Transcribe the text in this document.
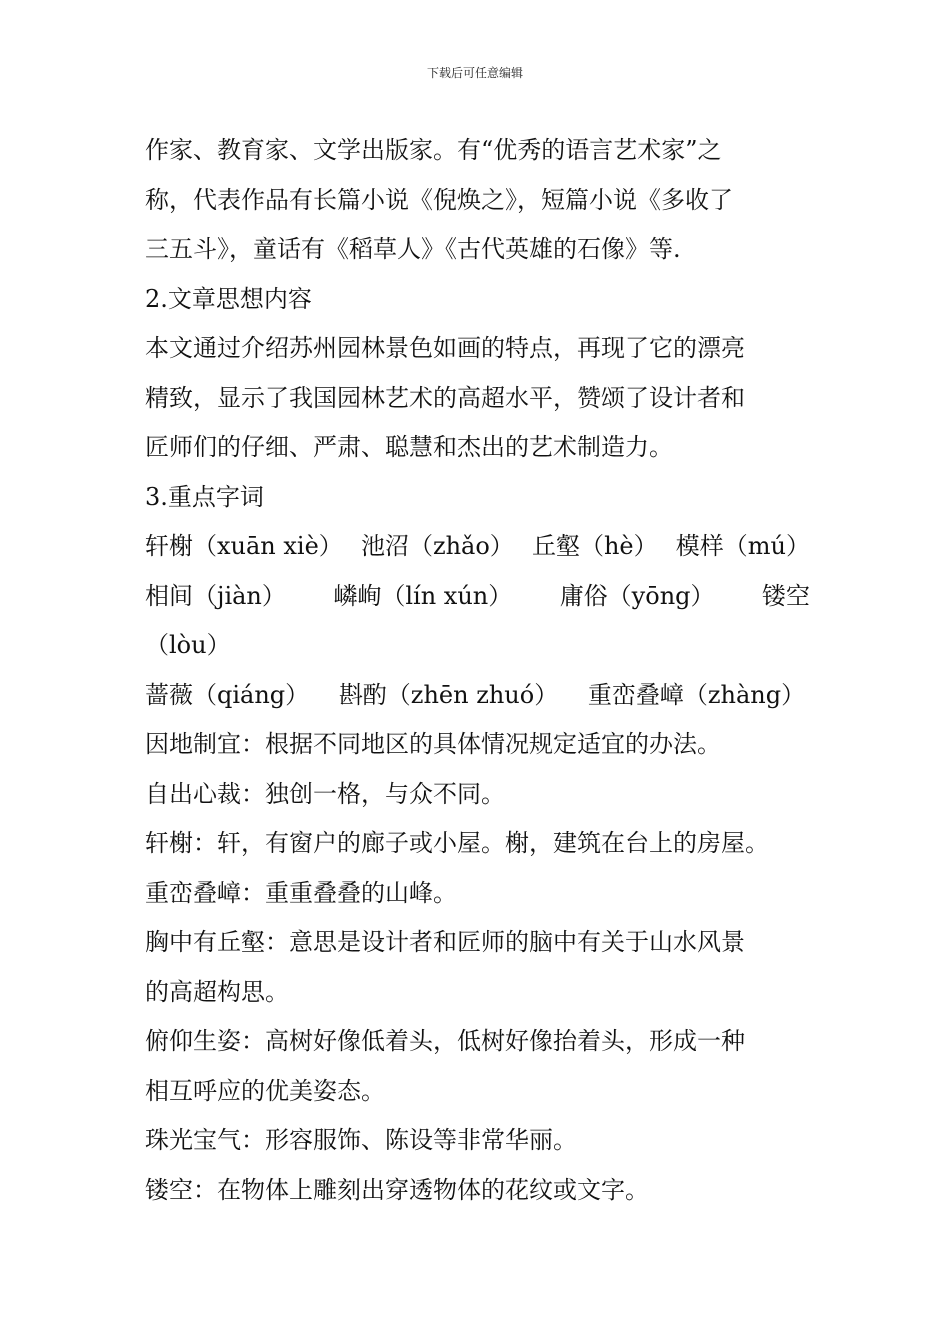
下载后可任意编辑
作家、教育家、文学出版家。有“优秀的语言艺术家”之
称，代表作品有长篇小说《倪焕之》，短篇小说《多收了
三五斗》，童话有《稻草人》《古代英雄的石像》等.
2.文章思想内容
本文通过介绍苏州园林景色如画的特点，再现了它的漂亮
精致，显示了我国园林艺术的高超水平，赞颂了设计者和
匠师们的仔细、严肃、聪慧和杰出的艺术制造力。
3.重点字词
轩榭（xuān xiè） 池沼（zhǎo） 丘壑（hè） 模样（mú）
相间（jiàn） 嶙峋（lín xún） 庸俗（yōng） 镂空
（lòu）
蔷薇（qiáng） 斟酌（zhēn zhuó） 重峦叠嶂（zhàng）
因地制宜：根据不同地区的具体情况规定适宜的办法。
自出心裁：独创一格，与众不同。
轩榭：轩，有窗户的廊子或小屋。榭，建筑在台上的房屋。
重峦叠嶂：重重叠叠的山峰。
胸中有丘壑：意思是设计者和匠师的脑中有关于山水风景
的高超构思。
俯仰生姿：高树好像低着头，低树好像抬着头，形成一种
相互呼应的优美姿态。
珠光宝气：形容服饰、陈设等非常华丽。
镂空：在物体上雕刻出穿透物体的花纹或文字。
